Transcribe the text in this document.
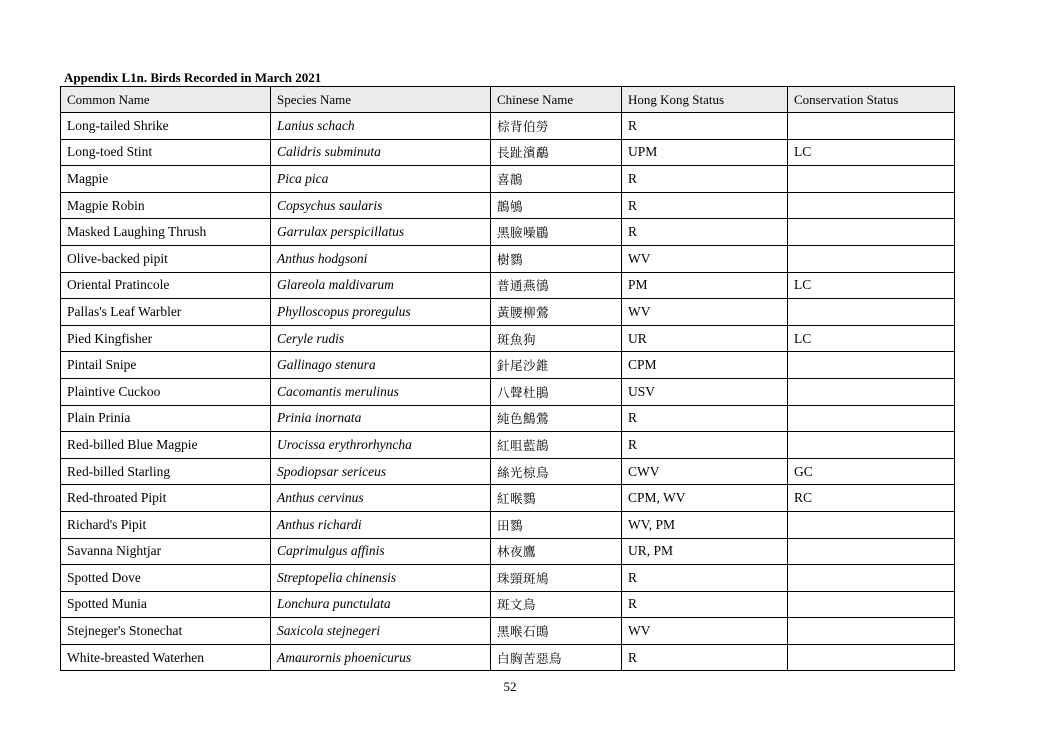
Appendix L1n. Birds Recorded in March 2021
Common Name	Species Name	Chinese Name	Hong Kong Status	Conservation Status
Long-tailed Shrike	Lanius schach	棕背伯勞	R	
Long-toed Stint	Calidris subminuta	長趾濱鷸	UPM	LC
Magpie	Pica pica	喜鵲	R	
Magpie Robin	Copsychus saularis	鵲鴝	R	
Masked Laughing Thrush	Garrulax perspicillatus	黑臉噪鶥	R	
Olive-backed pipit	Anthus hodgsoni	樹鷚	WV	
Oriental Pratincole	Glareola maldivarum	普通燕鴴	PM	LC
Pallas's Leaf Warbler	Phylloscopus proregulus	黃腰柳鶯	WV	
Pied Kingfisher	Ceryle rudis	斑魚狗	UR	LC
Pintail Snipe	Gallinago stenura	針尾沙錐	CPM	
Plaintive Cuckoo	Cacomantis merulinus	八聲杜鵑	USV	
Plain Prinia	Prinia inornata	純色鷦鶯	R	
Red-billed Blue Magpie	Urocissa erythrorhyncha	紅咀藍鵲	R	
Red-billed Starling	Spodiopsar sericeus	絲光椋鳥	CWV	GC
Red-throated Pipit	Anthus cervinus	紅喉鷚	CPM, WV	RC
Richard's Pipit	Anthus richardi	田鷚	WV, PM	
Savanna Nightjar	Caprimulgus affinis	林夜鷹	UR, PM	
Spotted Dove	Streptopelia chinensis	珠頸斑鳩	R	
Spotted Munia	Lonchura punctulata	斑文鳥	R	
Stejneger's Stonechat	Saxicola stejnegeri	黑喉石鵖	WV	
White-breasted Waterhen	Amaurornis phoenicurus	白胸苦惡鳥	R	
52
